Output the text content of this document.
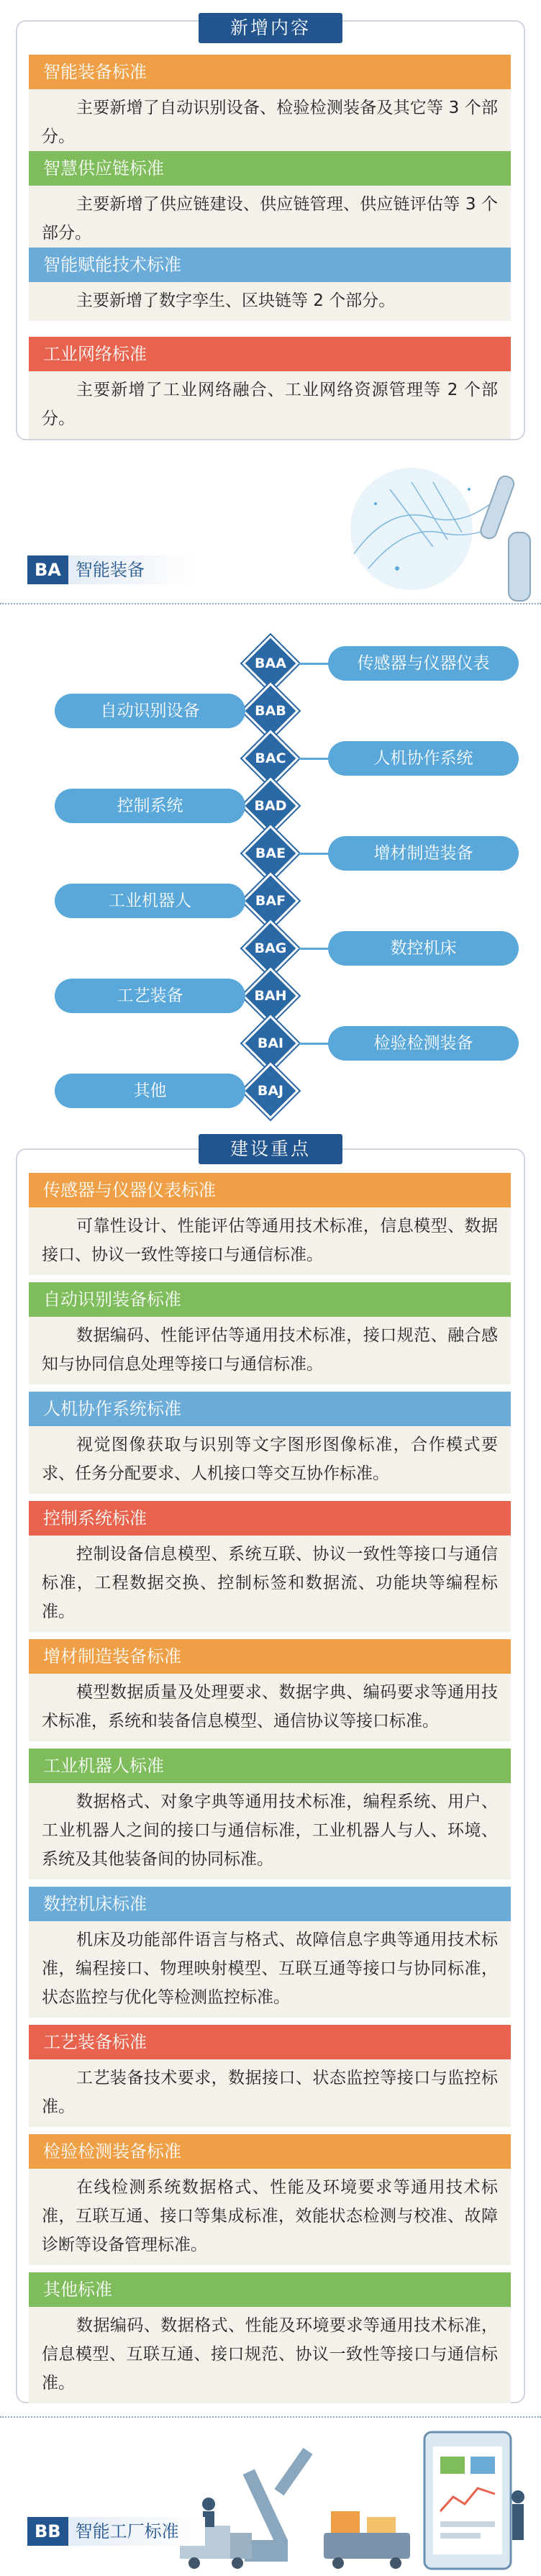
新增内容
智能装备标准
主要新增了自动识别设备、检验检测装备及其它等 3 个部分。
智慧供应链标准
主要新增了供应链建设、供应链管理、供应链评估等 3 个部分。
智能赋能技术标准
主要新增了数字孪生、区块链等 2 个部分。
工业网络标准
主要新增了工业网络融合、工业网络资源管理等 2 个部分。
BA 智能装备
BAA	传感器与仪器仪表
BAB
自动识别设备
BAC	人机协作系统
BAD
控制系统
BAE	增材制造装备
BAF
工业机器人
BAG	数控机床
BAH
工艺装备
BAI	检验检测装备
BAJ
其他
建设重点
传感器与仪器仪表标准
可靠性设计、性能评估等通用技术标准，信息模型、数据接口、协议一致性等接口与通信标准。
自动识别装备标准
数据编码、性能评估等通用技术标准，接口规范、融合感知与协同信息处理等接口与通信标准。
人机协作系统标准
视觉图像获取与识别等文字图形图像标准，合作模式要求、任务分配要求、人机接口等交互协作标准。
控制系统标准
控制设备信息模型、系统互联、协议一致性等接口与通信标准，工程数据交换、控制标签和数据流、功能块等编程标准。
增材制造装备标准
模型数据质量及处理要求、数据字典、编码要求等通用技术标准，系统和装备信息模型、通信协议等接口标准。
工业机器人标准
数据格式、对象字典等通用技术标准，编程系统、用户、工业机器人之间的接口与通信标准，工业机器人与人、环境、系统及其他装备间的协同标准。
数控机床标准
机床及功能部件语言与格式、故障信息字典等通用技术标准，编程接口、物理映射模型、互联互通等接口与协同标准，状态监控与优化等检测监控标准。
工艺装备标准
工艺装备技术要求，数据接口、状态监控等接口与监控标准。
检验检测装备标准
在线检测系统数据格式、性能及环境要求等通用技术标准，互联互通、接口等集成标准，效能状态检测与校准、故障诊断等设备管理标准。
其他标准
数据编码、数据格式、性能及环境要求等通用技术标准，信息模型、互联互通、接口规范、协议一致性等接口与通信标准。
BB 智能工厂标准
